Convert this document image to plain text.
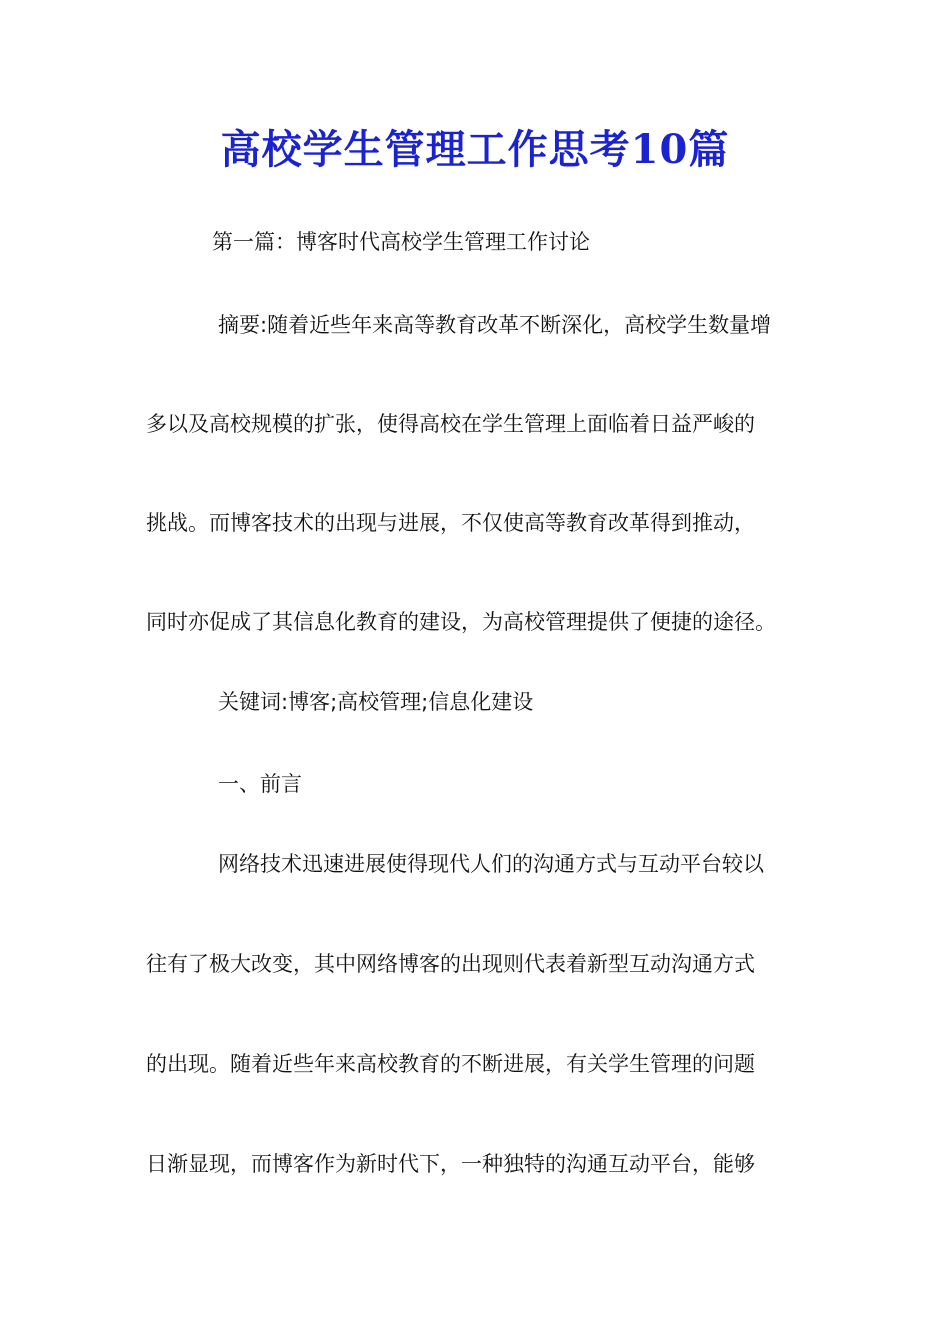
高校学生管理工作思考10篇
第一篇：博客时代高校学生管理工作讨论
摘要:随着近些年来高等教育改革不断深化，高校学生数量增
多以及高校规模的扩张，使得高校在学生管理上面临着日益严峻的
挑战。而博客技术的出现与进展，不仅使高等教育改革得到推动，
同时亦促成了其信息化教育的建设，为高校管理提供了便捷的途径。
关键词:博客;高校管理;信息化建设
一、前言
网络技术迅速进展使得现代人们的沟通方式与互动平台较以
往有了极大改变，其中网络博客的出现则代表着新型互动沟通方式
的出现。随着近些年来高校教育的不断进展，有关学生管理的问题
日渐显现，而博客作为新时代下，一种独特的沟通互动平台，能够
